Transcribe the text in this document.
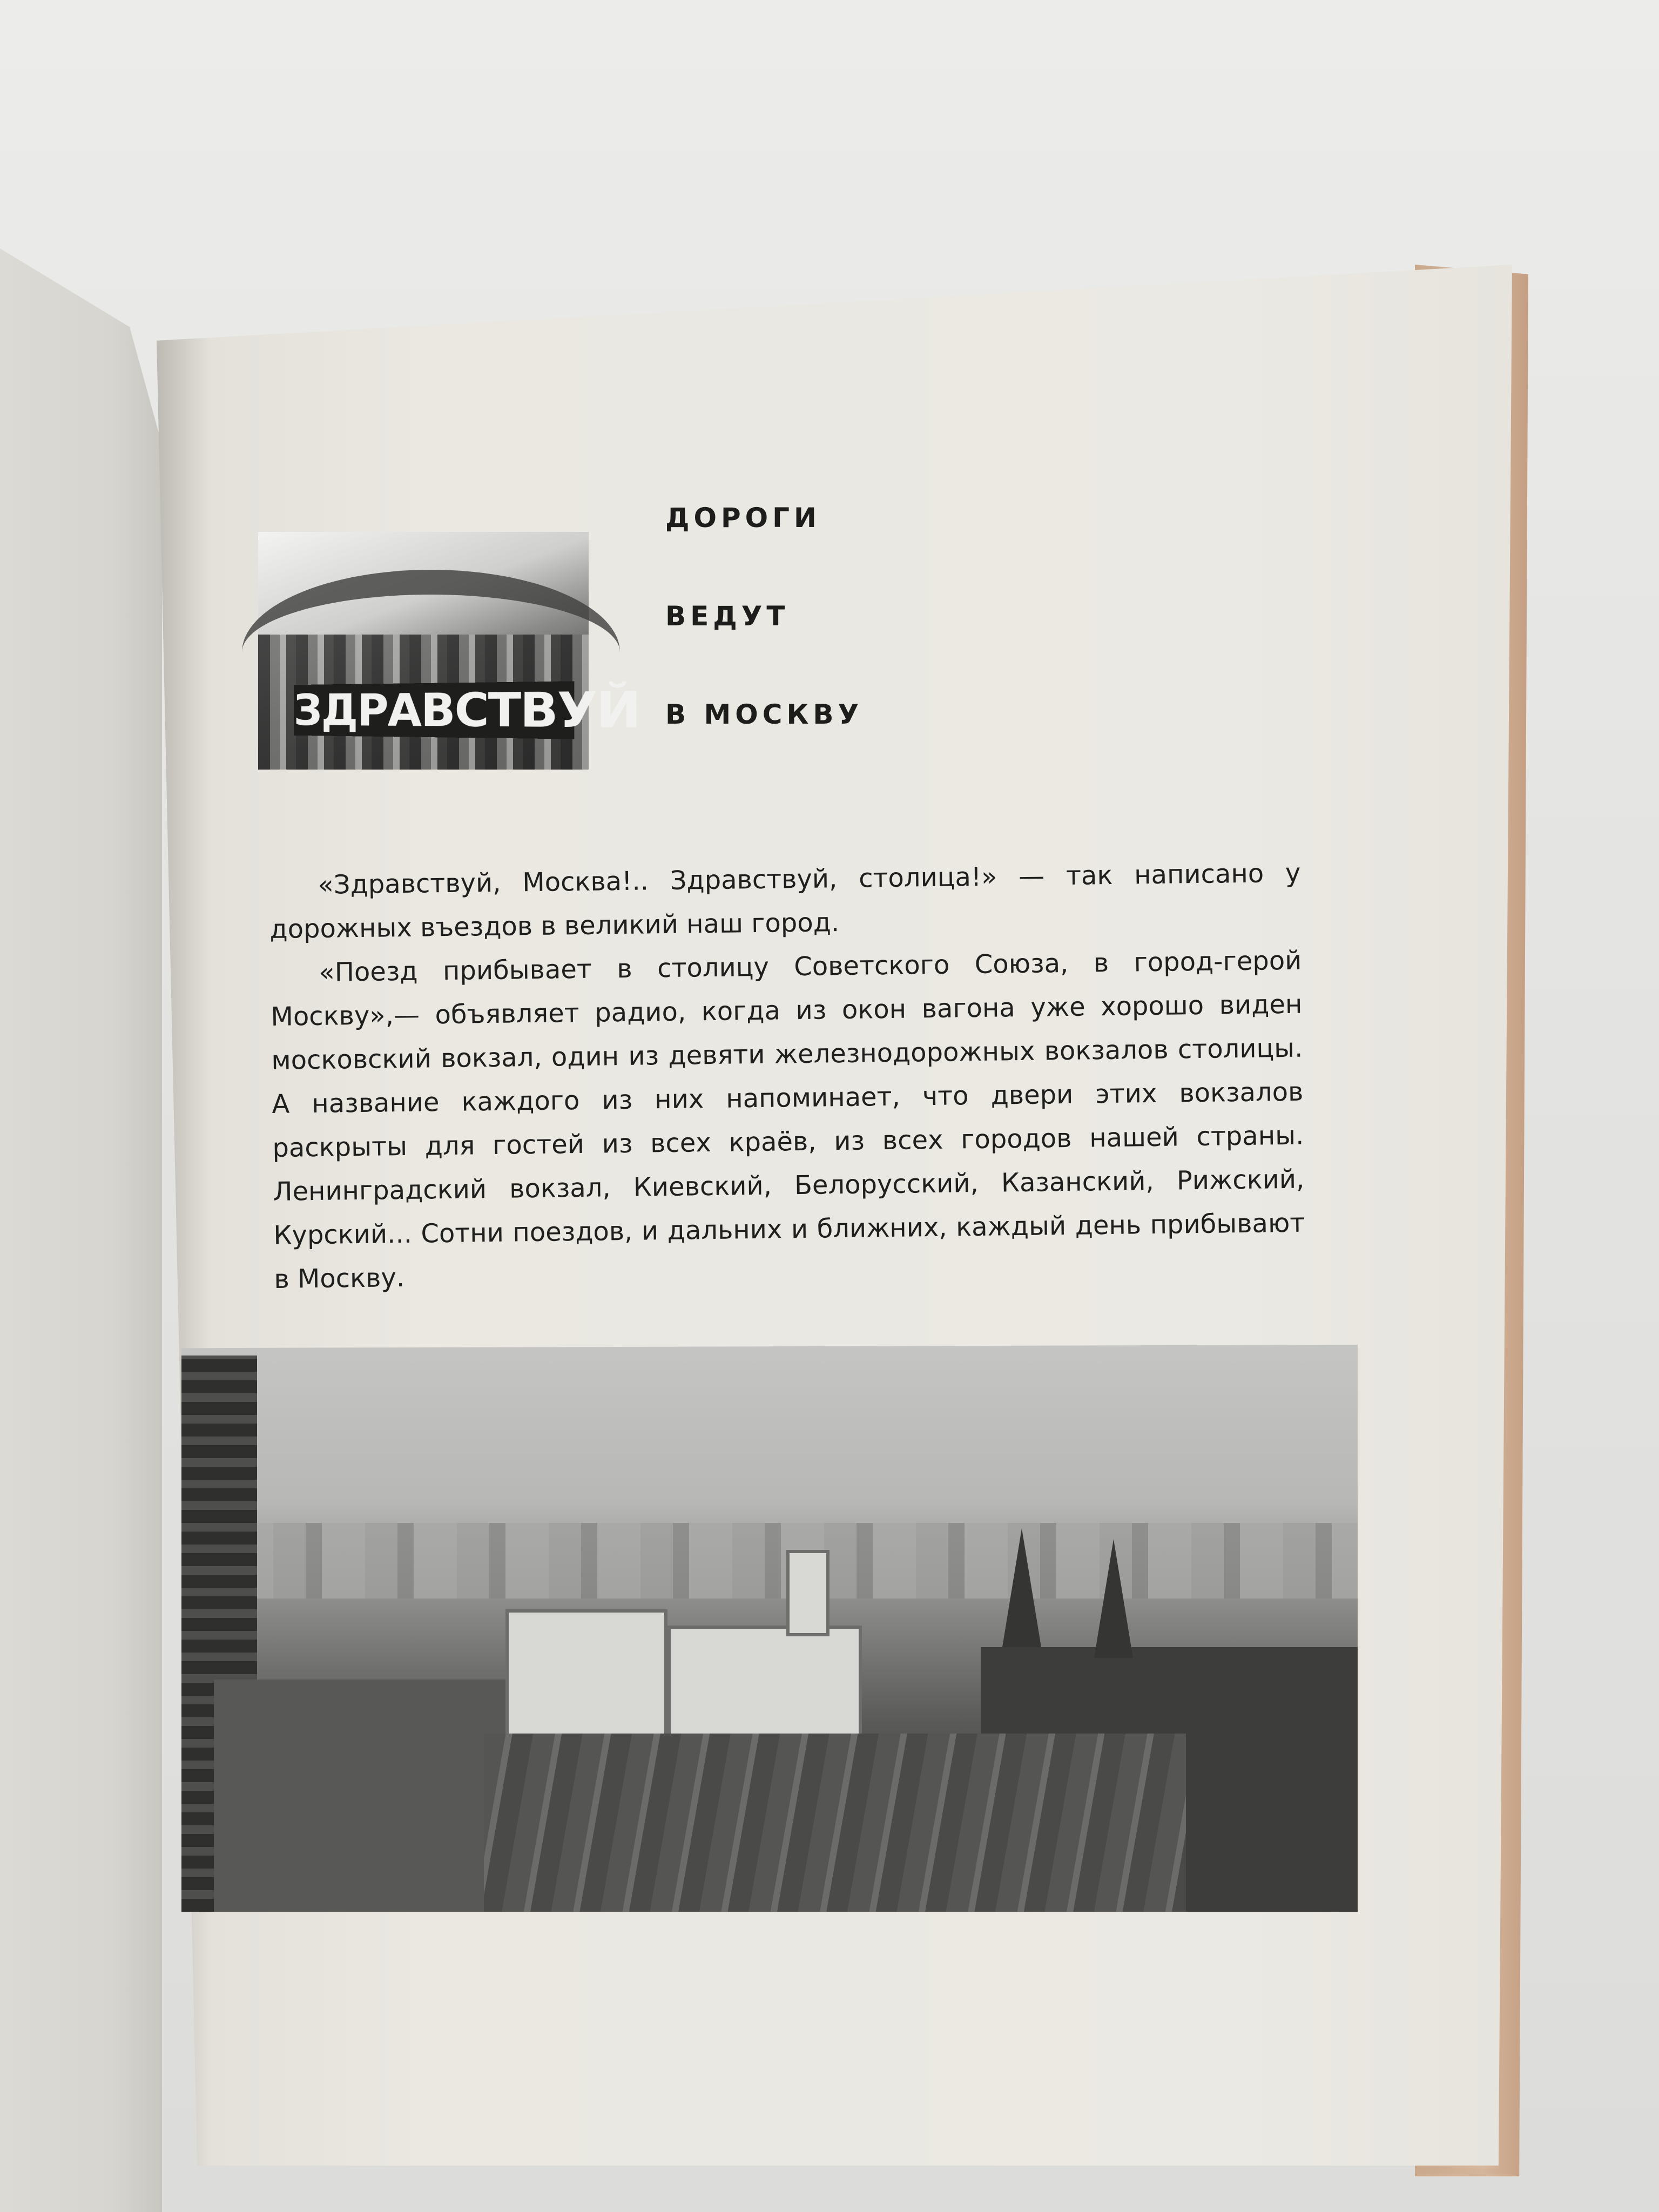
ЗДРАВСТВУЙ
ДОРОГИ
ВЕДУТ
В МОСКВУ

«Здравствуй, Москва!.. Здравствуй, столица!» — так написано у дорожных въездов в великий наш город.

«Поезд прибывает в столицу Советского Союза, в город-герой Москву»,— объявляет радио, когда из окон вагона уже хорошо виден московский вокзал, один из девяти железнодорожных вокзалов столицы. А название каждого из них напоминает, что двери этих вокзалов раскрыты для гостей из всех краёв, из всех городов нашей страны. Ленинградский вокзал, Киевский, Белорусский, Казанский, Рижский, Курский... Сотни поездов, и дальних и ближних, каждый день прибывают в Москву.
